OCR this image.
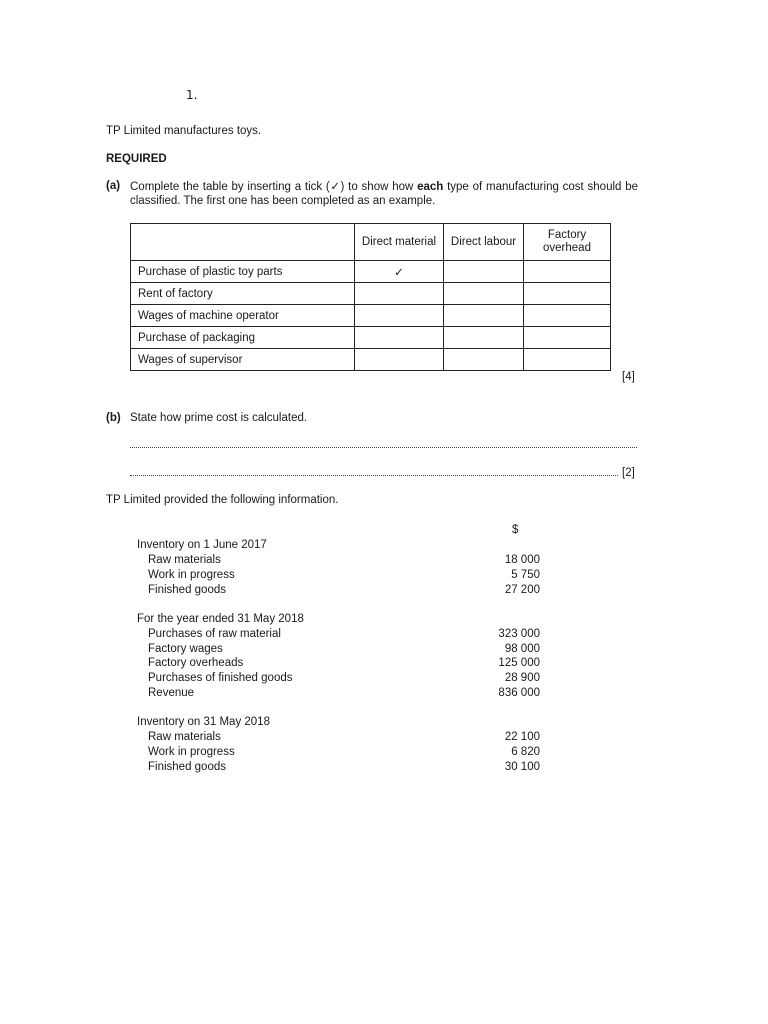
1.
TP Limited manufactures toys.
REQUIRED
(a) Complete the table by inserting a tick (✓) to show how each type of manufacturing cost should be classified. The first one has been completed as an example.
	Direct material	Direct labour	Factory overhead
Purchase of plastic toy parts	✓		
Rent of factory			
Wages of machine operator			
Purchase of packaging			
Wages of supervisor			
[4]
(b) State how prime cost is calculated.
[2]
TP Limited provided the following information.
$
Inventory on 1 June 2017
Raw materials	18 000
Work in progress	5 750
Finished goods	27 200
For the year ended 31 May 2018
Purchases of raw material	323 000
Factory wages	98 000
Factory overheads	125 000
Purchases of finished goods	28 900
Revenue	836 000
Inventory on 31 May 2018
Raw materials	22 100
Work in progress	6 820
Finished goods	30 100
